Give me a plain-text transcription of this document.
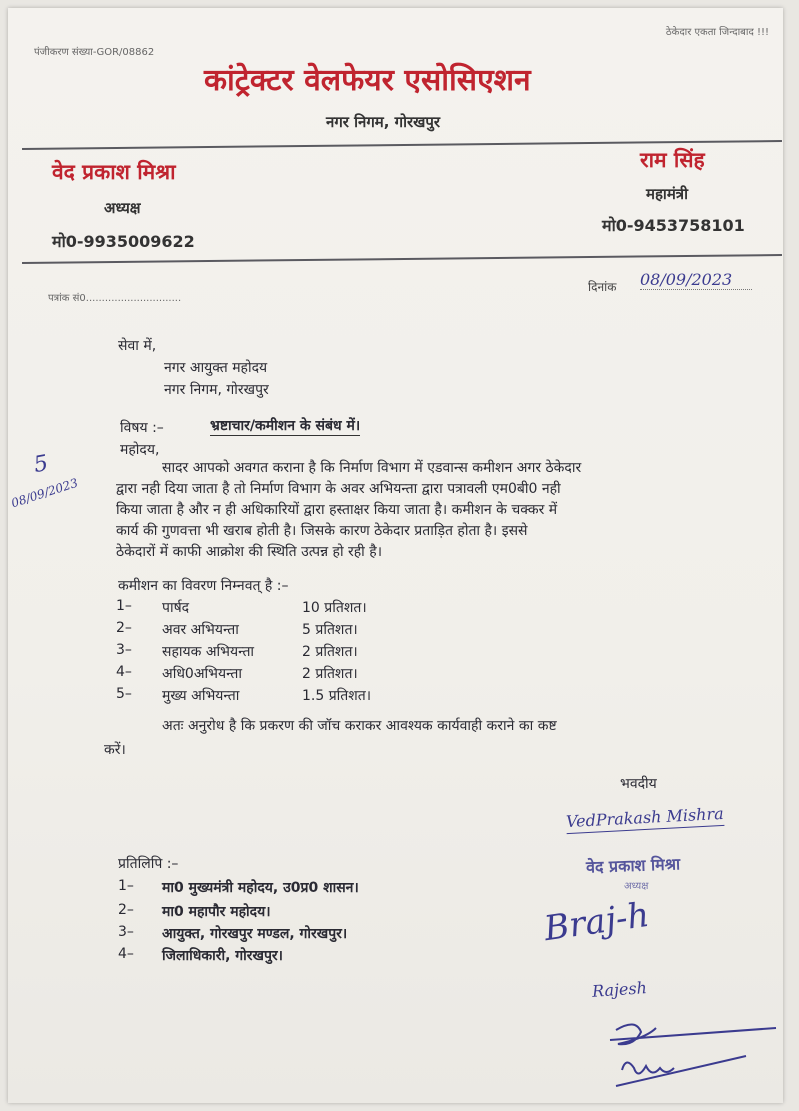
पंजीकरण संख्या-GOR/08862
ठेकेदार एकता जिन्दाबाद !!!
कांट्रेक्टर वेलफेयर एसोसिएशन
नगर निगम, गोरखपुर
वेद प्रकाश मिश्रा
अध्यक्ष
मो0-9935009622
राम सिंह
महामंत्री
मो0-9453758101
पत्रांक सं0..............................
दिनांक 08/09/2023
सेवा में,
नगर आयुक्त महोदय
नगर निगम, गोरखपुर
विषय :–	भ्रष्टाचार/कमीशन के संबंध में।
महोदय,
5
08/09/2023
सादर आपको अवगत कराना है कि निर्माण विभाग में एडवान्स कमीशन अगर ठेकेदार
द्वारा नही दिया जाता है तो निर्माण विभाग के अवर अभियन्ता द्वारा पत्रावली एम0बी0 नही
किया जाता है और न ही अधिकारियों द्वारा हस्ताक्षर किया जाता है। कमीशन के चक्कर में
कार्य की गुणवत्ता भी खराब होती है। जिसके कारण ठेकेदार प्रताड़ित होता है। इससे
ठेकेदारों में काफी आक्रोश की स्थिति उत्पन्न हो रही है।
कमीशन का विवरण निम्नवत् है :–
1– पार्षद	10 प्रतिशत।
2– अवर अभियन्ता	5 प्रतिशत।
3– सहायक अभियन्ता	2 प्रतिशत।
4– अधि0अभियन्ता	2 प्रतिशत।
5– मुख्य अभियन्ता	1.5 प्रतिशत।
अतः अनुरोध है कि प्रकरण की जॉच कराकर आवश्यक कार्यवाही कराने का कष्ट
करें।
भवदीय
VedPrakash Mishra
वेद प्रकाश मिश्रा
अध्यक्ष
Braj-h
Rajesh
प्रतिलिपि :–
1– मा0 मुख्यमंत्री महोदय, उ0प्र0 शासन।
2– मा0 महापौर महोदय।
3– आयुक्त, गोरखपुर मण्डल, गोरखपुर।
4– जिलाधिकारी, गोरखपुर।
